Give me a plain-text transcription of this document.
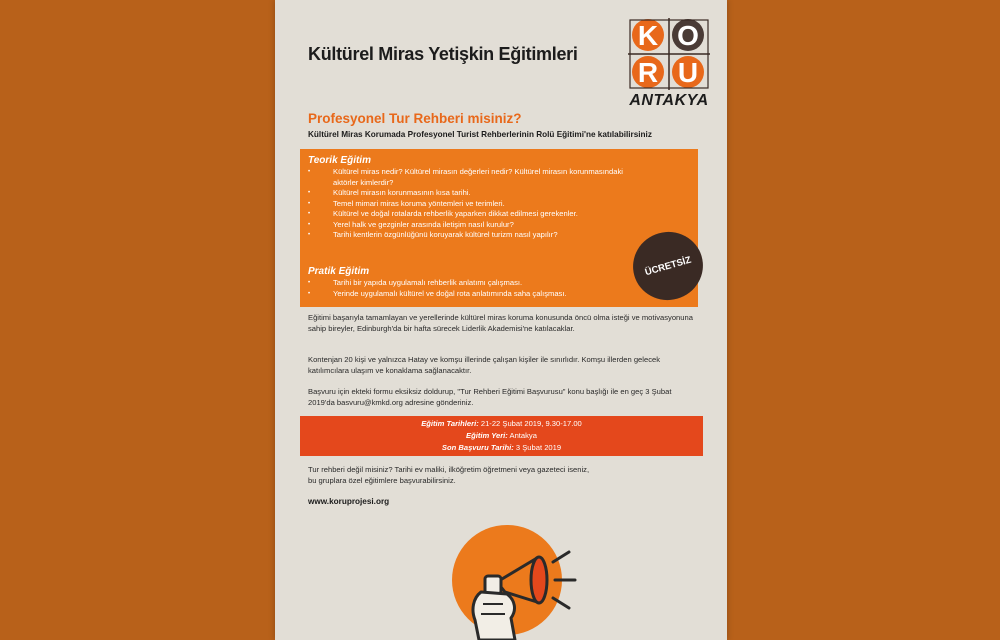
Kültürel Miras Yetişkin Eğitimleri
K O
R U
ANTAKYA
Profesyonel Tur Rehberi misiniz?
Kültürel Miras Korumada Profesyonel Turist Rehberlerinin Rolü Eğitimi'ne katılabilirsiniz
Teorik Eğitim
• Kültürel miras nedir? Kültürel mirasın değerleri nedir? Kültürel mirasın korunmasındaki
aktörler kimlerdir?
• Kültürel mirasın korunmasının kısa tarihi.
• Temel mimari miras koruma yöntemleri ve terimleri.
• Kültürel ve doğal rotalarda rehberlik yaparken dikkat edilmesi gerekenler.
• Yerel halk ve gezginler arasında iletişim nasıl kurulur?
• Tarihi kentlerin özgünlüğünü koruyarak kültürel turizm nasıl yapılır?
Pratik Eğitim
• Tarihi bir yapıda uygulamalı rehberlik anlatımı çalışması.
• Yerinde uygulamalı kültürel ve doğal rota anlatımında saha çalışması.
ÜCRETSİZ

Eğitimi başarıyla tamamlayan ve yerellerinde kültürel miras koruma konusunda öncü olma isteği ve motivasyonuna sahip bireyler, Edinburgh'da bir hafta sürecek Liderlik Akademisi'ne katılacaklar.

Kontenjan 20 kişi ve yalnızca Hatay ve komşu illerinde çalışan kişiler ile sınırlıdır. Komşu illerden gelecek katılımcılara ulaşım ve konaklama sağlanacaktır.

Başvuru için ekteki formu eksiksiz doldurup, "Tur Rehberi Eğitimi Başvurusu" konu başlığı ile en geç 3 Şubat 2019'da basvuru@kmkd.org adresine gönderiniz.

Eğitim Tarihleri: 21-22 Şubat 2019, 9.30-17.00
Eğitim Yeri: Antakya
Son Başvuru Tarihi: 3 Şubat 2019

Tur rehberi değil misiniz? Tarihi ev maliki, ilköğretim öğretmeni veya gazeteci iseniz,
bu gruplara özel eğitimlere başvurabilirsiniz.

www.koruprojesi.org
